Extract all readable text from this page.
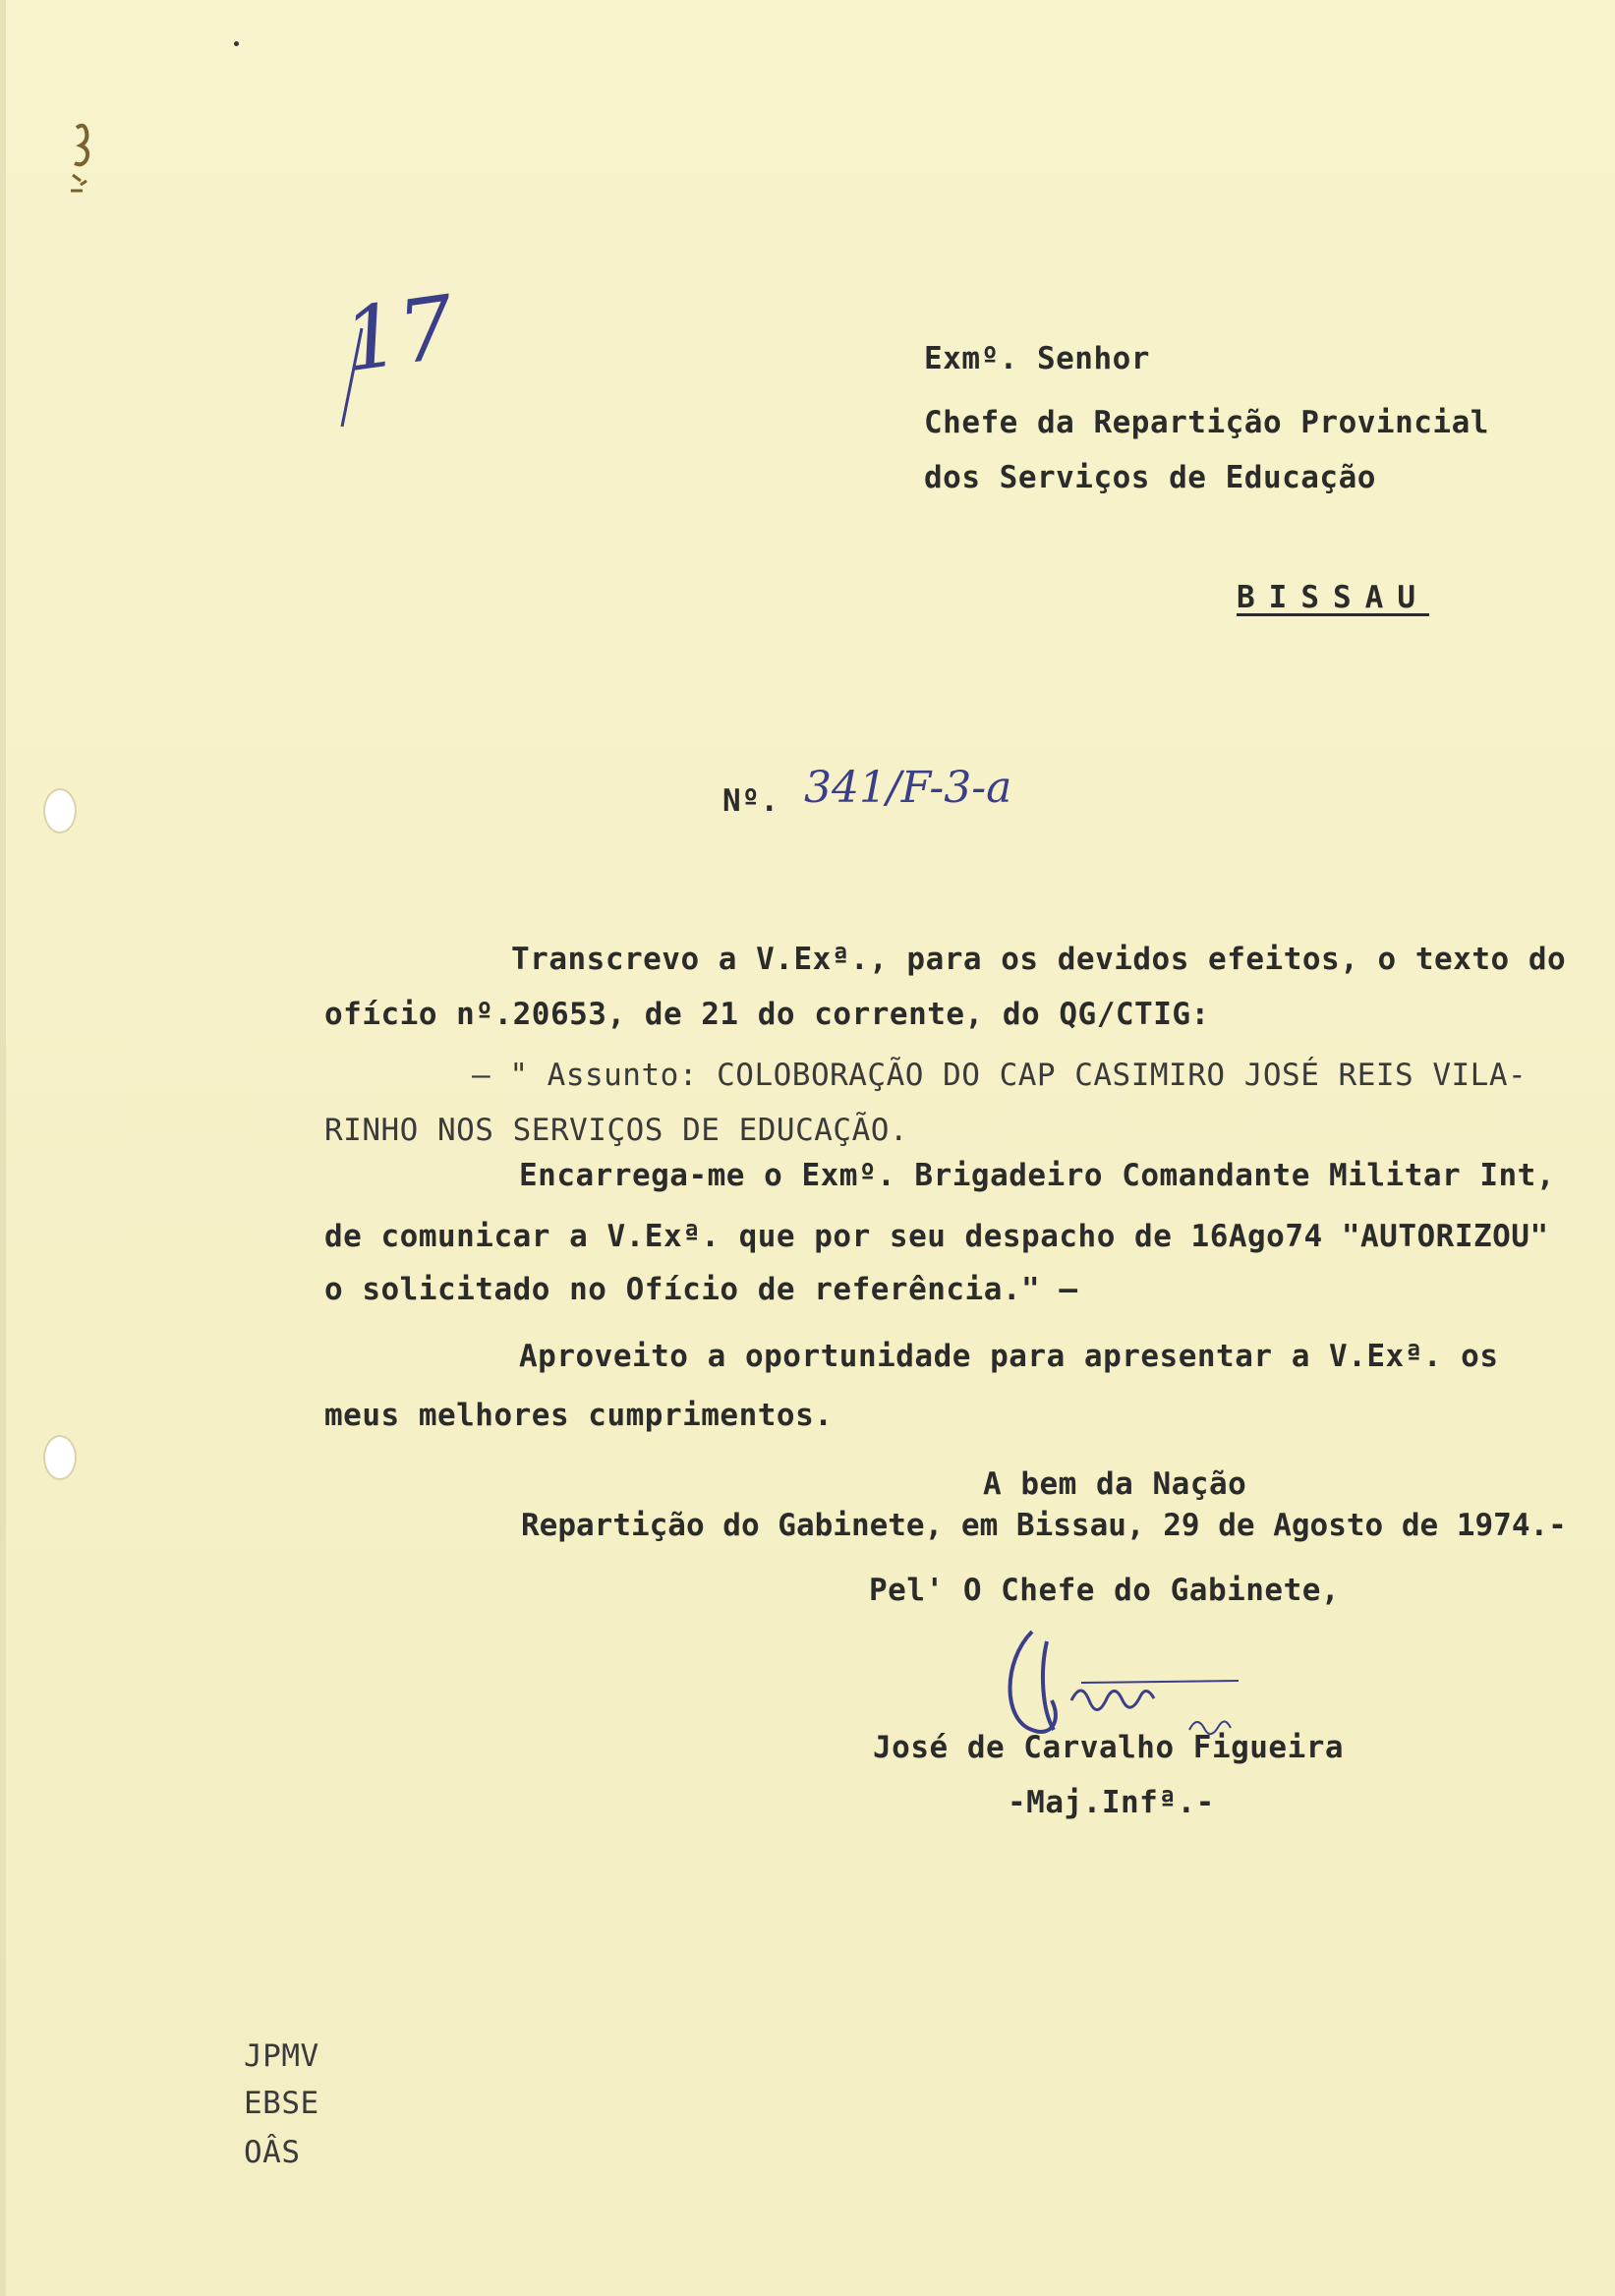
17	Exmº. Senhor
Chefe da Repartição Provincial
dos Serviços de Educação
BISSAU
Nº. 341/F-3-a
Transcrevo a V.Exª., para os devidos efeitos, o texto do
ofício nº.20653, de 21 do corrente, do QG/CTIG:
– " Assunto: COLOBORAÇÃO DO CAP CASIMIRO JOSÉ REIS VILA-
RINHO NOS SERVIÇOS DE EDUCAÇÃO.
Encarrega-me o Exmº. Brigadeiro Comandante Militar Int,
de comunicar a V.Exª. que por seu despacho de 16Ago74 "AUTORIZOU"
o solicitado no Ofício de referência." –
Aproveito a oportunidade para apresentar a V.Exª. os
meus melhores cumprimentos.
A bem da Nação
Repartição do Gabinete, em Bissau, 29 de Agosto de 1974.-
Pel' O Chefe do Gabinete,
José de Carvalho Figueira
-Maj.Infª.-
JPMV
EBSE
OÂS
